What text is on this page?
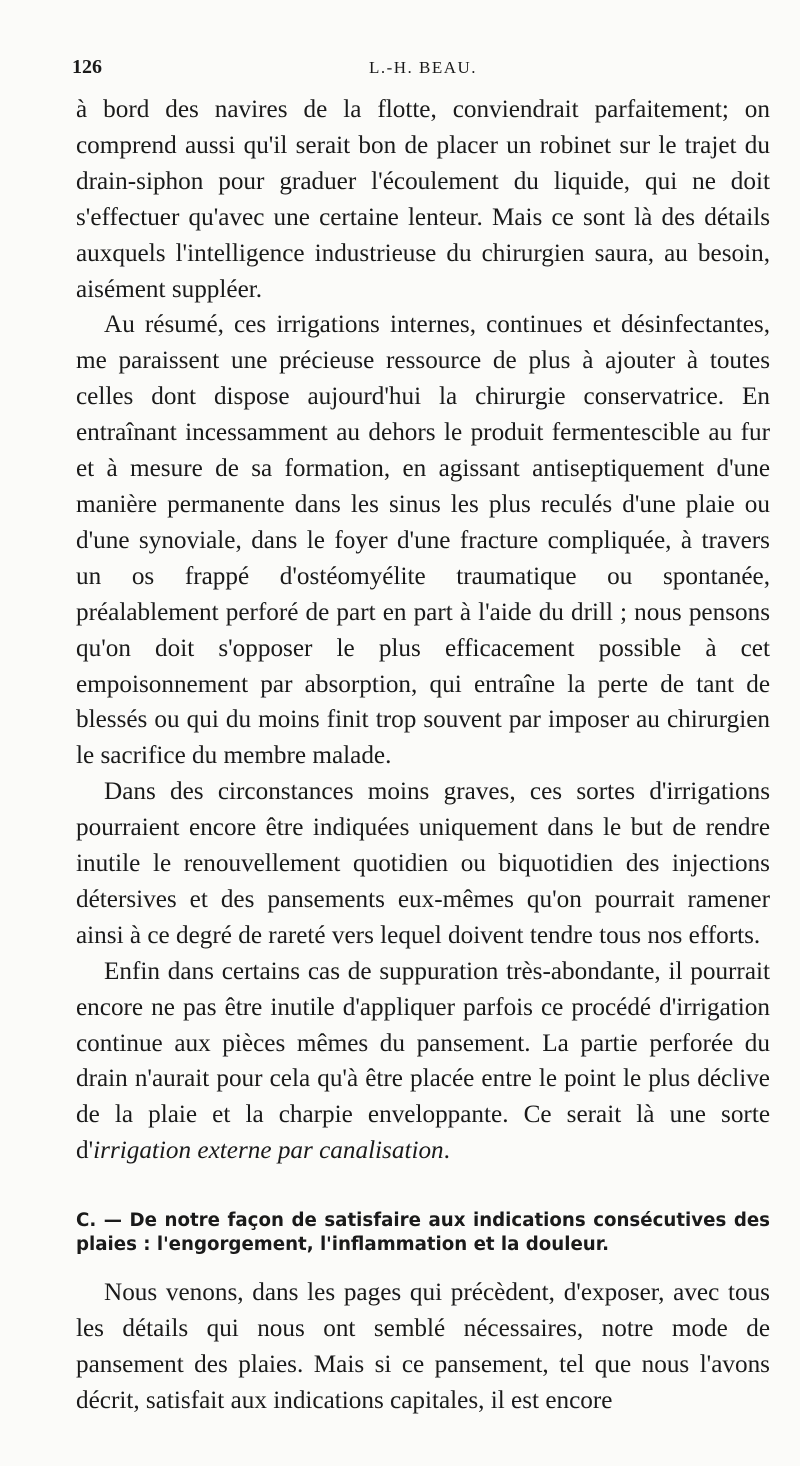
126	L.-H. BEAU.

à bord des navires de la flotte, conviendrait parfaitement; on comprend aussi qu'il serait bon de placer un robinet sur le trajet du drain-siphon pour graduer l'écoulement du liquide, qui ne doit s'effectuer qu'avec une certaine lenteur. Mais ce sont là des détails auxquels l'intelligence industrieuse du chirurgien saura, au besoin, aisément suppléer.

Au résumé, ces irrigations internes, continues et désinfectantes, me paraissent une précieuse ressource de plus à ajouter à toutes celles dont dispose aujourd'hui la chirurgie conservatrice. En entraînant incessamment au dehors le produit fermentescible au fur et à mesure de sa formation, en agissant antiseptiquement d'une manière permanente dans les sinus les plus reculés d'une plaie ou d'une synoviale, dans le foyer d'une fracture compliquée, à travers un os frappé d'ostéomyélite traumatique ou spontanée, préalablement perforé de part en part à l'aide du drill ; nous pensons qu'on doit s'opposer le plus efficacement possible à cet empoisonnement par absorption, qui entraîne la perte de tant de blessés ou qui du moins finit trop souvent par imposer au chirurgien le sacrifice du membre malade.

Dans des circonstances moins graves, ces sortes d'irrigations pourraient encore être indiquées uniquement dans le but de rendre inutile le renouvellement quotidien ou biquotidien des injections détersives et des pansements eux-mêmes qu'on pourrait ramener ainsi à ce degré de rareté vers lequel doivent tendre tous nos efforts.

Enfin dans certains cas de suppuration très-abondante, il pourrait encore ne pas être inutile d'appliquer parfois ce procédé d'irrigation continue aux pièces mêmes du pansement. La partie perforée du drain n'aurait pour cela qu'à être placée entre le point le plus déclive de la plaie et la charpie enveloppante. Ce serait là une sorte d'irrigation externe par canalisation.

C. — De notre façon de satisfaire aux indications consécutives des plaies : l'engorgement, l'inflammation et la douleur.

Nous venons, dans les pages qui précèdent, d'exposer, avec tous les détails qui nous ont semblé nécessaires, notre mode de pansement des plaies. Mais si ce pansement, tel que nous l'avons décrit, satisfait aux indications capitales, il est encore
